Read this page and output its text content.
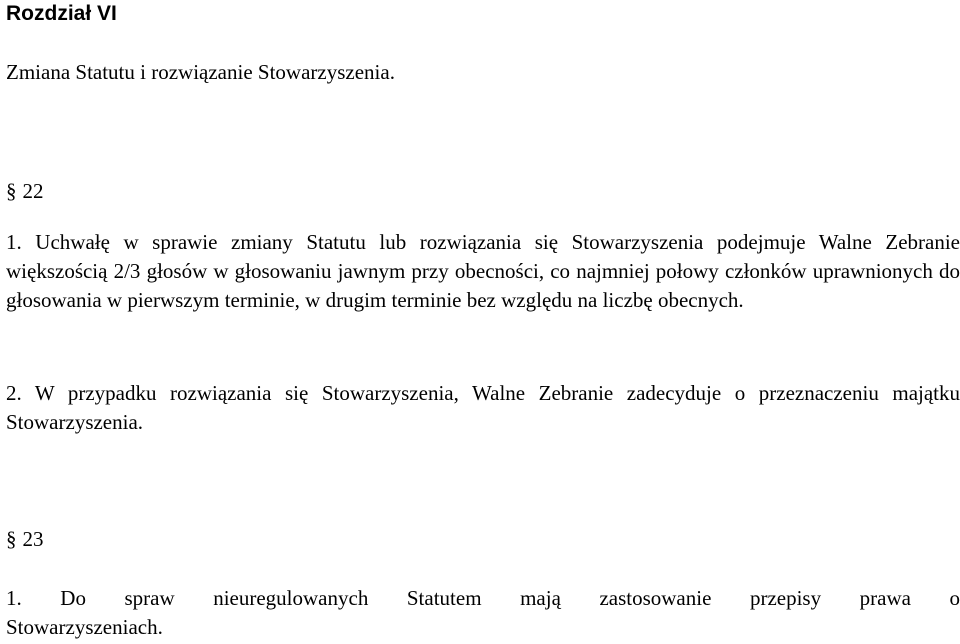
Rozdział VI
Zmiana Statutu i rozwiązanie Stowarzyszenia.
§ 22
1. Uchwałę w sprawie zmiany Statutu lub rozwiązania się Stowarzyszenia podejmuje Walne Zebranie większością 2/3 głosów w głosowaniu jawnym przy obecności, co najmniej połowy członków uprawnionych do głosowania w pierwszym terminie, w drugim terminie bez względu na liczbę obecnych.
2. W przypadku rozwiązania się Stowarzyszenia, Walne Zebranie zadecyduje o przeznaczeniu majątku Stowarzyszenia.
§ 23
1. Do spraw nieuregulowanych Statutem mają zastosowanie przepisy prawa o
Stowarzyszeniach.
